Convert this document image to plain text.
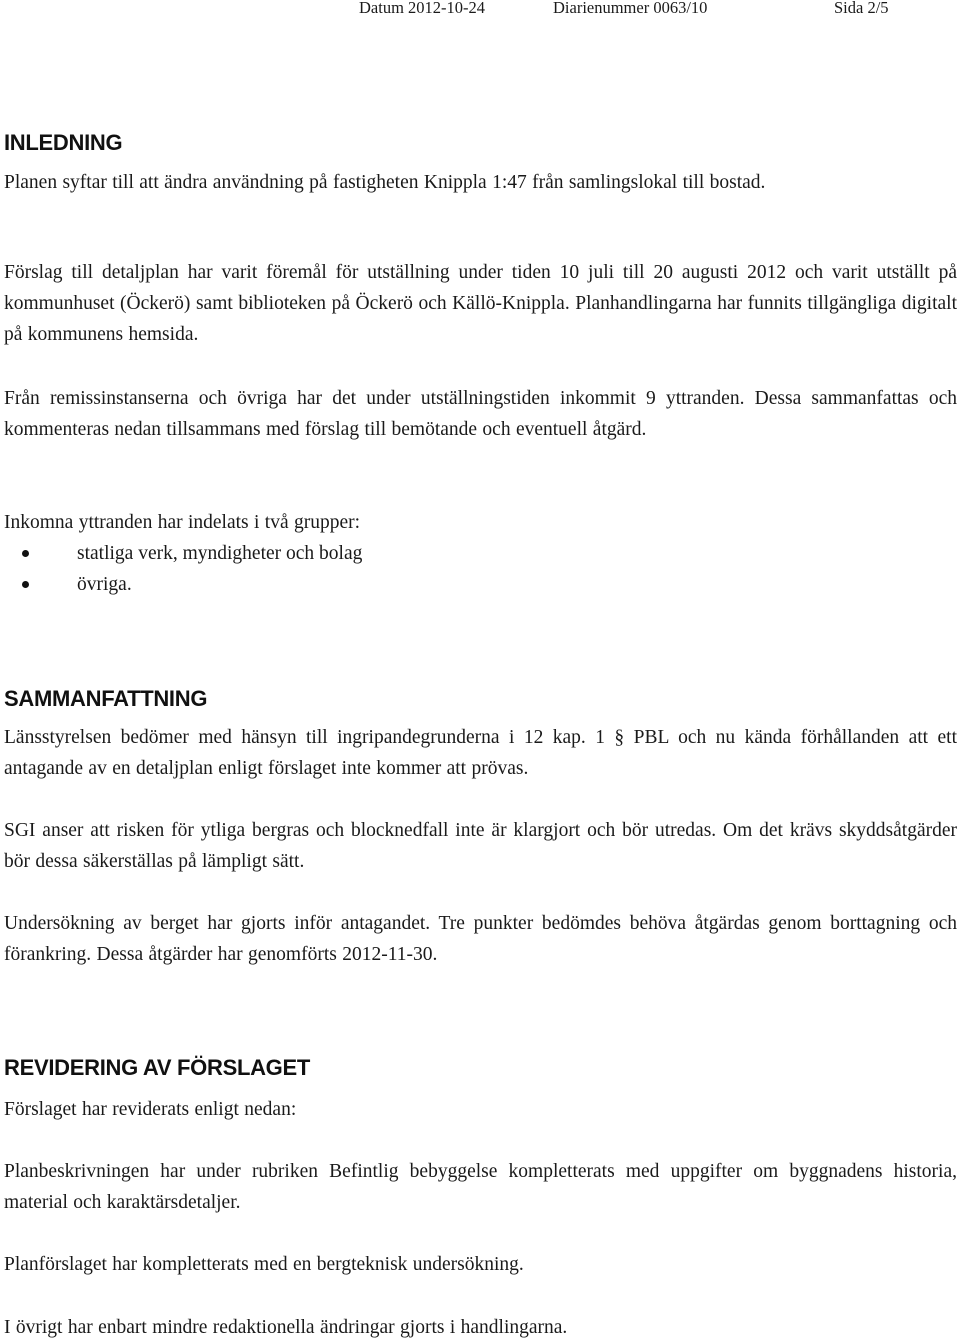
Datum 2012-10-24	Diarienummer 0063/10	Sida 2/5
INLEDNING

Planen syftar till att ändra användning på fastigheten Knippla 1:47 från samlingslokal till bostad.

Förslag till detaljplan har varit föremål för utställning under tiden 10 juli till 20 augusti 2012 och varit utställt på kommunhuset (Öckerö) samt biblioteken på Öckerö och Källö-Knippla. Planhandlingarna har funnits tillgängliga digitalt på kommunens hemsida.

Från remissinstanserna och övriga har det under utställningstiden inkommit 9 yttranden. Dessa sammanfattas och kommenteras nedan tillsammans med förslag till bemötande och eventuell åtgärd.

Inkomna yttranden har indelats i två grupper:

statliga verk, myndigheter och bolag
övriga.
SAMMANFATTNING

Länsstyrelsen bedömer med hänsyn till ingripandegrunderna i 12 kap. 1 § PBL och nu kända förhållanden att ett antagande av en detaljplan enligt förslaget inte kommer att prövas.

SGI anser att risken för ytliga bergras och blocknedfall inte är klargjort och bör utredas. Om det krävs skyddsåtgärder bör dessa säkerställas på lämpligt sätt.

Undersökning av berget har gjorts inför antagandet. Tre punkter bedömdes behöva åtgärdas genom borttagning och förankring. Dessa åtgärder har genomförts 2012-11-30.

REVIDERING AV FÖRSLAGET

Förslaget har reviderats enligt nedan:

Planbeskrivningen har under rubriken Befintlig bebyggelse kompletterats med uppgifter om byggnadens historia, material och karaktärsdetaljer.

Planförslaget har kompletterats med en bergteknisk undersökning.

I övrigt har enbart mindre redaktionella ändringar gjorts i handlingarna.
